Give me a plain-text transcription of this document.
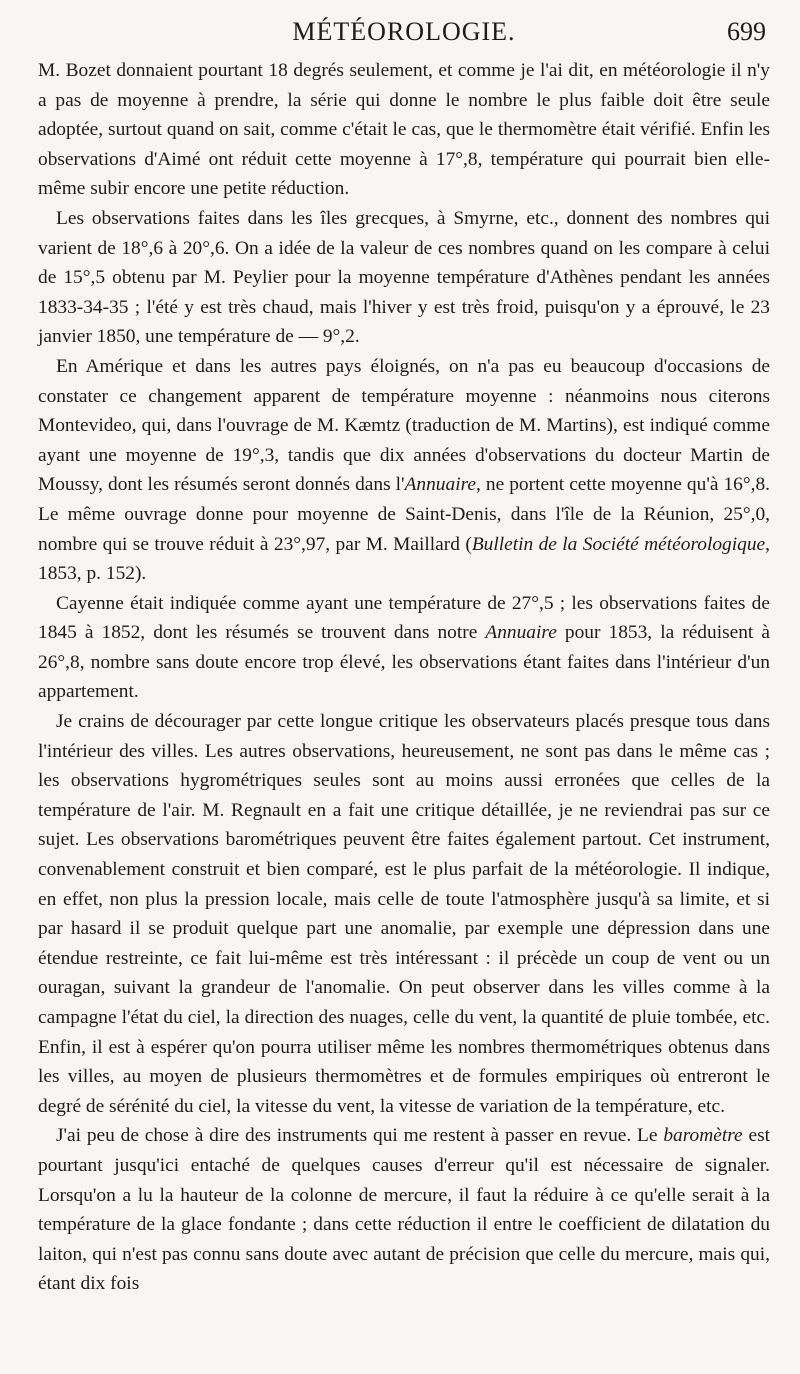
MÉTÉOROLOGIE.	699

M. Bozet donnaient pourtant 18 degrés seulement, et comme je l'ai dit, en météorologie il n'y a pas de moyenne à prendre, la série qui donne le nombre le plus faible doit être seule adoptée, surtout quand on sait, comme c'était le cas, que le thermomètre était vérifié. Enfin les observations d'Aimé ont réduit cette moyenne à 17°,8, température qui pourrait bien elle-même subir encore une petite réduction.

Les observations faites dans les îles grecques, à Smyrne, etc., donnent des nombres qui varient de 18°,6 à 20°,6. On a idée de la valeur de ces nombres quand on les compare à celui de 15°,5 obtenu par M. Peylier pour la moyenne température d'Athènes pendant les années 1833-34-35 ; l'été y est très chaud, mais l'hiver y est très froid, puisqu'on y a éprouvé, le 23 janvier 1850, une température de — 9°,2.

En Amérique et dans les autres pays éloignés, on n'a pas eu beaucoup d'occasions de constater ce changement apparent de température moyenne : néanmoins nous citerons Montevideo, qui, dans l'ouvrage de M. Kæmtz (traduction de M. Martins), est indiqué comme ayant une moyenne de 19°,3, tandis que dix années d'observations du docteur Martin de Moussy, dont les résumés seront donnés dans l'Annuaire, ne portent cette moyenne qu'à 16°,8. Le même ouvrage donne pour moyenne de Saint-Denis, dans l'île de la Réunion, 25°,0, nombre qui se trouve réduit à 23°,97, par M. Maillard (Bulletin de la Société météorologique, 1853, p. 152).

Cayenne était indiquée comme ayant une température de 27°,5 ; les observations faites de 1845 à 1852, dont les résumés se trouvent dans notre Annuaire pour 1853, la réduisent à 26°,8, nombre sans doute encore trop élevé, les observations étant faites dans l'intérieur d'un appartement.

Je crains de décourager par cette longue critique les observateurs placés presque tous dans l'intérieur des villes. Les autres observations, heureusement, ne sont pas dans le même cas ; les observations hygrométriques seules sont au moins aussi erronées que celles de la température de l'air. M. Regnault en a fait une critique détaillée, je ne reviendrai pas sur ce sujet. Les observations barométriques peuvent être faites également partout. Cet instrument, convenablement construit et bien comparé, est le plus parfait de la météorologie. Il indique, en effet, non plus la pression locale, mais celle de toute l'atmosphère jusqu'à sa limite, et si par hasard il se produit quelque part une anomalie, par exemple une dépression dans une étendue restreinte, ce fait lui-même est très intéressant : il précède un coup de vent ou un ouragan, suivant la grandeur de l'anomalie. On peut observer dans les villes comme à la campagne l'état du ciel, la direction des nuages, celle du vent, la quantité de pluie tombée, etc. Enfin, il est à espérer qu'on pourra utiliser même les nombres thermométriques obtenus dans les villes, au moyen de plusieurs thermomètres et de formules empiriques où entreront le degré de sérénité du ciel, la vitesse du vent, la vitesse de variation de la température, etc.

J'ai peu de chose à dire des instruments qui me restent à passer en revue. Le baromètre est pourtant jusqu'ici entaché de quelques causes d'erreur qu'il est nécessaire de signaler. Lorsqu'on a lu la hauteur de la colonne de mercure, il faut la réduire à ce qu'elle serait à la température de la glace fondante ; dans cette réduction il entre le coefficient de dilatation du laiton, qui n'est pas connu sans doute avec autant de précision que celle du mercure, mais qui, étant dix fois
